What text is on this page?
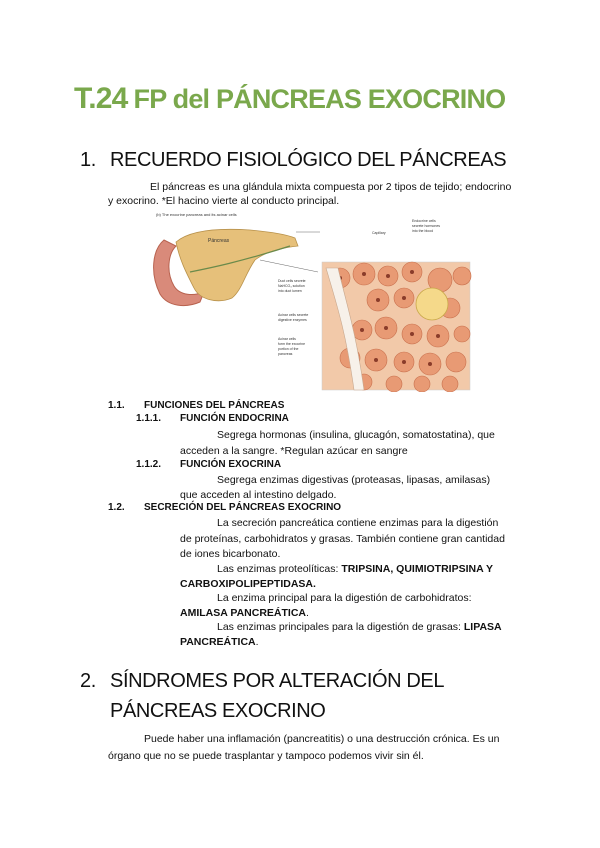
T.24 FP del PÁNCREAS EXOCRINO
1. RECUERDO FISIOLÓGICO DEL PÁNCREAS
El páncreas es una glándula mixta compuesta por 2 tipos de tejido; endocrino
y exocrino. *El hacino vierte al conducto principal.
(b) The exocrine pancreas and its acinar cells
Páncreas
Duct cells secrete
NaHCO₃ solution
into duct lumen
Acinar cells secrete
digestive enzymes
Acinar cells
form the exocrine
portion of the
pancreas
Endocrine cells
secrete hormones
into the blood
Capillary
1.1. FUNCIONES DEL PÁNCREAS
1.1.1. FUNCIÓN ENDOCRINA
Segrega hormonas (insulina, glucagón, somatostatina), que
acceden a la sangre. *Regulan azúcar en sangre
1.1.2. FUNCIÓN EXOCRINA
Segrega enzimas digestivas (proteasas, lipasas, amilasas)
que acceden al intestino delgado.
1.2. SECRECIÓN DEL PÁNCREAS EXOCRINO
La secreción pancreática contiene enzimas para la digestión
de proteínas, carbohidratos y grasas. También contiene gran cantidad
de iones bicarbonato.
Las enzimas proteolíticas: TRIPSINA, QUIMIOTRIPSINA Y
CARBOXIPOLIPEPTIDASA.
La enzima principal para la digestión de carbohidratos:
AMILASA PANCREÁTICA.
Las enzimas principales para la digestión de grasas: LIPASA
PANCREÁTICA.
2. SÍNDROMES POR ALTERACIÓN DEL
PÁNCREAS EXOCRINO
Puede haber una inflamación (pancreatitis) o una destrucción crónica. Es un
órgano que no se puede trasplantar y tampoco podemos vivir sin él.
